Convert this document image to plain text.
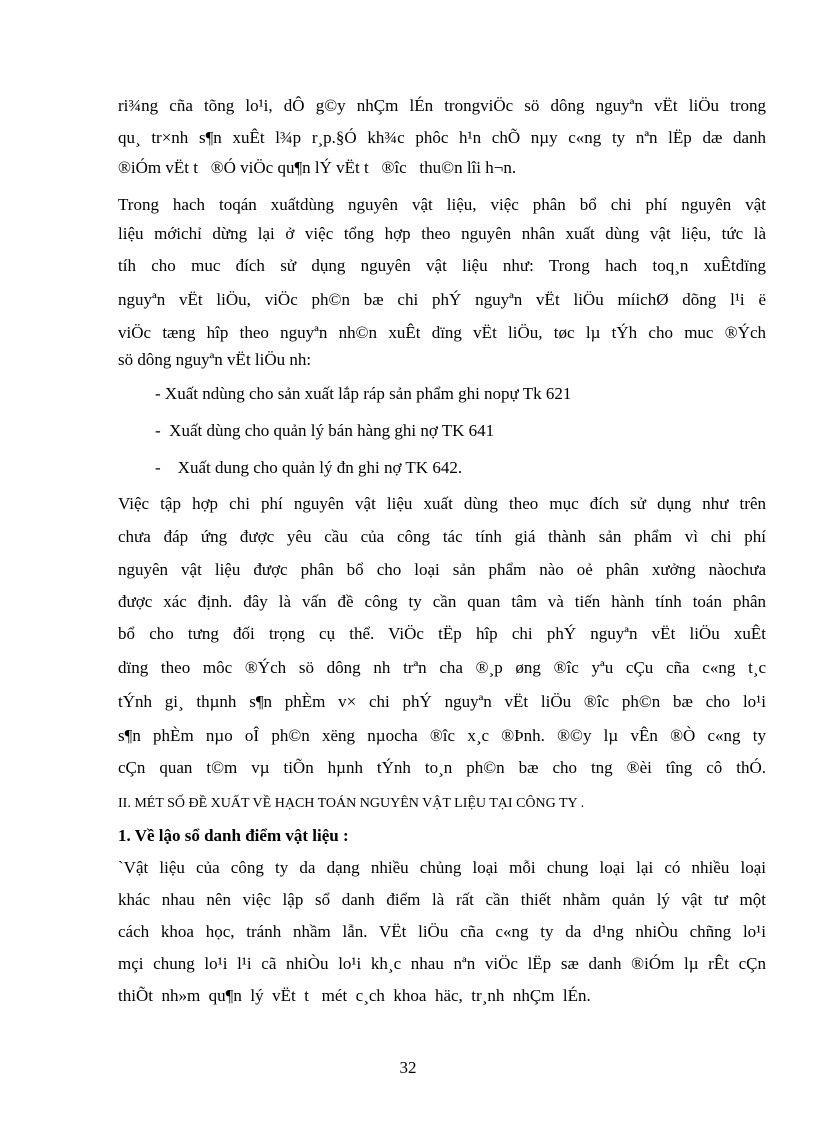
ri¾ng cña tõng lo¹i, dÔ g©y nhÇm lÉn trongviÖc sö dông nguyªn vËt liÖu trong
qu¸ tr×nh s¶n xuÊt l¾p r¸p.§Ó kh¾c phôc h¹n chÕ nµy c«ng ty nªn lËp dæ danh
®iÓm vËt t   ®Ó viÖc qu¶n lÝ vËt t   ®îc   thu©n lîi h¬n.
Trong hach toqán xuấtdùng nguyên vật liệu, việc phân bổ chi phí nguyên vật
liệu mớichỉ dừng lại ở việc tổng hợp theo nguyên nhân xuất dùng vật liệu, tức là
tíh cho muc đích sử dụng nguyên vật liệu như: Trong hach toq¸n xuÊtdïng
nguyªn vËt liÖu, viÖc ph©n bæ chi phÝ nguyªn vËt liÖu míichØ dõng l¹i ë
viÖc tæng hîp theo nguyªn nh©n xuÊt dïng vËt liÖu, tøc lµ tÝh cho muc ®Ých
sö dông nguyªn vËt liÖu nh:
- Xuất ndùng cho sản xuất lắp ráp sản phẩm ghi nopự Tk 621
-  Xuất dùng cho quản lý bán hàng ghi nợ TK 641
-    Xuất dung cho quản lý đn ghi nợ TK 642.
Việc tập hợp chi phí nguyên vật liệu xuất dùng theo mục đích sử dụng như trên
chưa đáp ứng được yêu cầu của công tác tính giá thành sản phẩm vì chi phí
nguyên vật liệu được phân bổ cho loại sản phẩm nào oẻ phân xưởng nàochưa
được xác định. đây là vấn đề công ty cần quan tâm và tiến hành tính toán phân
bổ cho tưng đối trọng cụ thể. ViÖc tËp hîp chi phÝ nguyªn vËt liÖu xuÊt
dïng theo môc ®Ých sö dông nh trªn cha ®¸p øng ®îc yªu cÇu cña c«ng t¸c
tÝnh gi¸ thµnh s¶n phÈm v× chi phÝ nguyªn vËt liÖu ®îc ph©n bæ cho lo¹i
s¶n phÈm nµo oÎ ph©n xëng nµocha ®îc x¸c ®Þnh. ®©y lµ vÊn ®Ò c«ng ty
cÇn quan t©m vµ tiÕn hµnh tÝnh to¸n ph©n bæ cho tng ®èi tîng cô thÓ.
II. MÉT SỐ ĐỀ XUẤT VỀ HẠCH TOÁN NGUYÊN VẬT LIỆU TẠI CÔNG TY .
1. Về lậo sổ danh điểm vật liệu :
`Vật liệu của công ty da dạng nhiều chủng loại mỗi chung loại lại có nhiều loại
khác nhau nên việc lập sổ danh điểm là rất cần thiết nhằm quản lý vật tư một
cách khoa học, tránh nhầm lẫn. VËt liÖu cña c«ng ty da d¹ng nhiÒu chñng lo¹i
mçi chung lo¹i l¹i cã nhiÒu lo¹i kh¸c nhau nªn viÖc lËp sæ danh ®iÓm lµ rÊt cÇn
thiÕt  nh»m  qu¶n  lý  vËt  t   mét  c¸ch  khoa  häc,  tr¸nh  nhÇm  lÉn.
32
